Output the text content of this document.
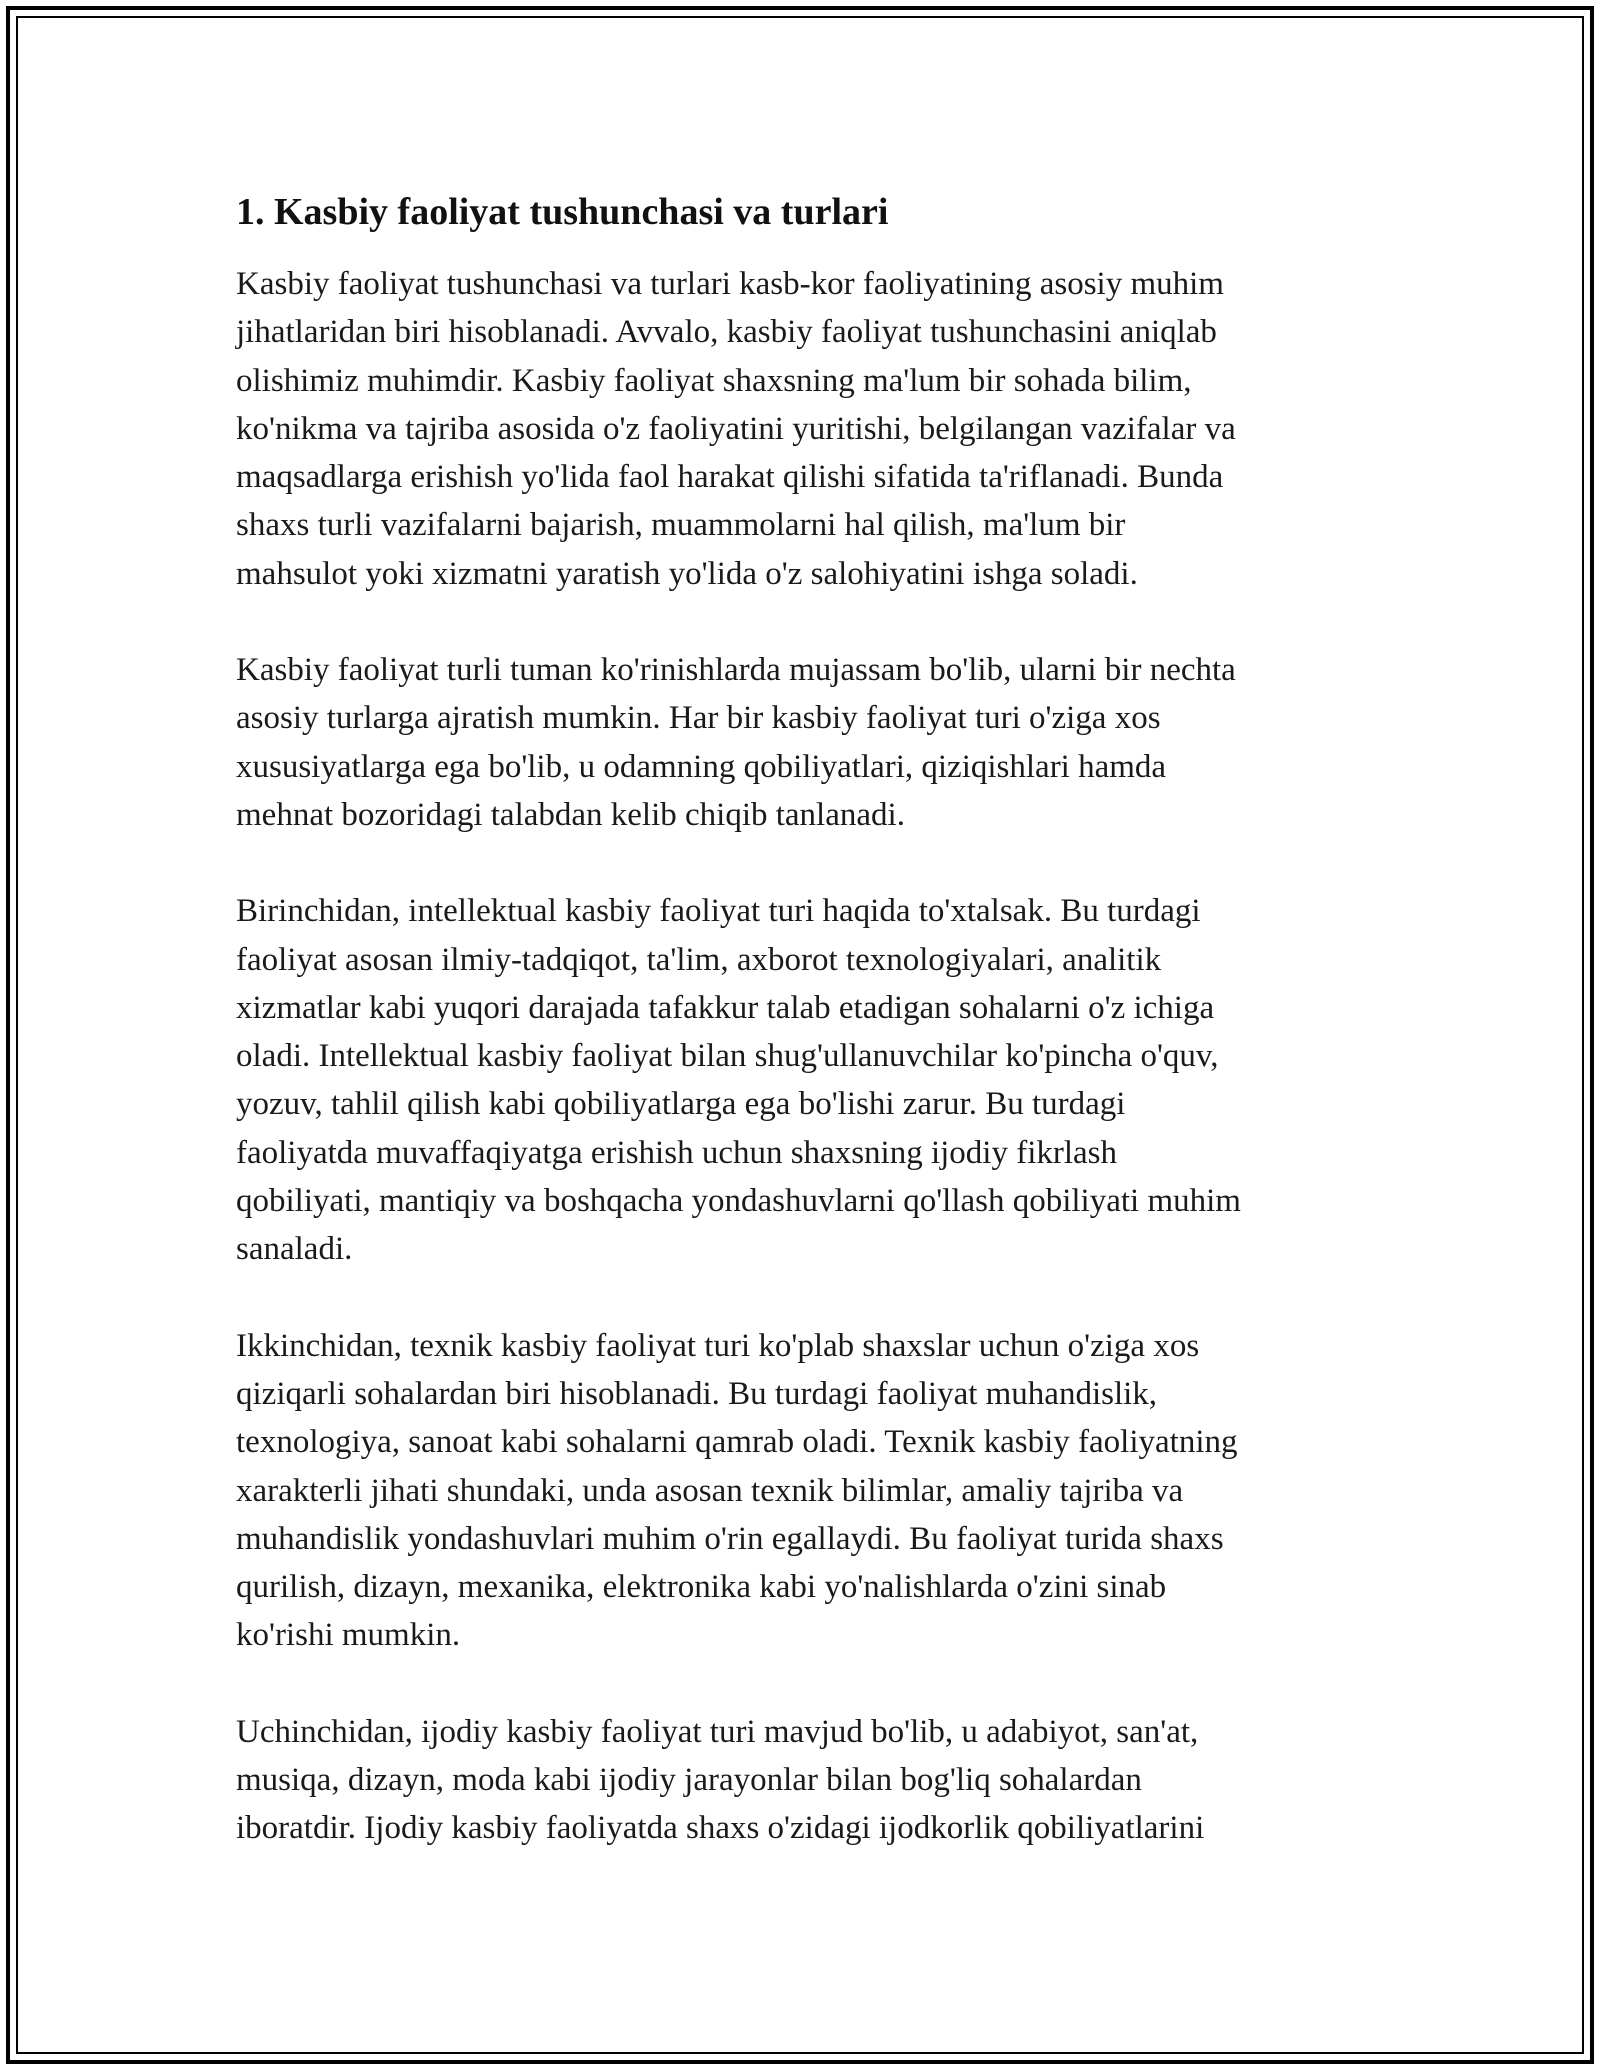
1. Kasbiy faoliyat tushunchasi va turlari

Kasbiy faoliyat tushunchasi va turlari kasb-kor faoliyatining asosiy muhim
jihatlaridan biri hisoblanadi. Avvalo, kasbiy faoliyat tushunchasini aniqlab
olishimiz muhimdir. Kasbiy faoliyat shaxsning ma'lum bir sohada bilim,
ko'nikma va tajriba asosida o'z faoliyatini yuritishi, belgilangan vazifalar va
maqsadlarga erishish yo'lida faol harakat qilishi sifatida ta'riflanadi. Bunda
shaxs turli vazifalarni bajarish, muammolarni hal qilish, ma'lum bir
mahsulot yoki xizmatni yaratish yo'lida o'z salohiyatini ishga soladi.

Kasbiy faoliyat turli tuman ko'rinishlarda mujassam bo'lib, ularni bir nechta
asosiy turlarga ajratish mumkin. Har bir kasbiy faoliyat turi o'ziga xos
xususiyatlarga ega bo'lib, u odamning qobiliyatlari, qiziqishlari hamda
mehnat bozoridagi talabdan kelib chiqib tanlanadi.

Birinchidan, intellektual kasbiy faoliyat turi haqida to'xtalsak. Bu turdagi
faoliyat asosan ilmiy-tadqiqot, ta'lim, axborot texnologiyalari, analitik
xizmatlar kabi yuqori darajada tafakkur talab etadigan sohalarni o'z ichiga
oladi. Intellektual kasbiy faoliyat bilan shug'ullanuvchilar ko'pincha o'quv,
yozuv, tahlil qilish kabi qobiliyatlarga ega bo'lishi zarur. Bu turdagi
faoliyatda muvaffaqiyatga erishish uchun shaxsning ijodiy fikrlash
qobiliyati, mantiqiy va boshqacha yondashuvlarni qo'llash qobiliyati muhim
sanaladi.

Ikkinchidan, texnik kasbiy faoliyat turi ko'plab shaxslar uchun o'ziga xos
qiziqarli sohalardan biri hisoblanadi. Bu turdagi faoliyat muhandislik,
texnologiya, sanoat kabi sohalarni qamrab oladi. Texnik kasbiy faoliyatning
xarakterli jihati shundaki, unda asosan texnik bilimlar, amaliy tajriba va
muhandislik yondashuvlari muhim o'rin egallaydi. Bu faoliyat turida shaxs
qurilish, dizayn, mexanika, elektronika kabi yo'nalishlarda o'zini sinab
ko'rishi mumkin.

Uchinchidan, ijodiy kasbiy faoliyat turi mavjud bo'lib, u adabiyot, san'at,
musiqa, dizayn, moda kabi ijodiy jarayonlar bilan bog'liq sohalardan
iboratdir. Ijodiy kasbiy faoliyatda shaxs o'zidagi ijodkorlik qobiliyatlarini
